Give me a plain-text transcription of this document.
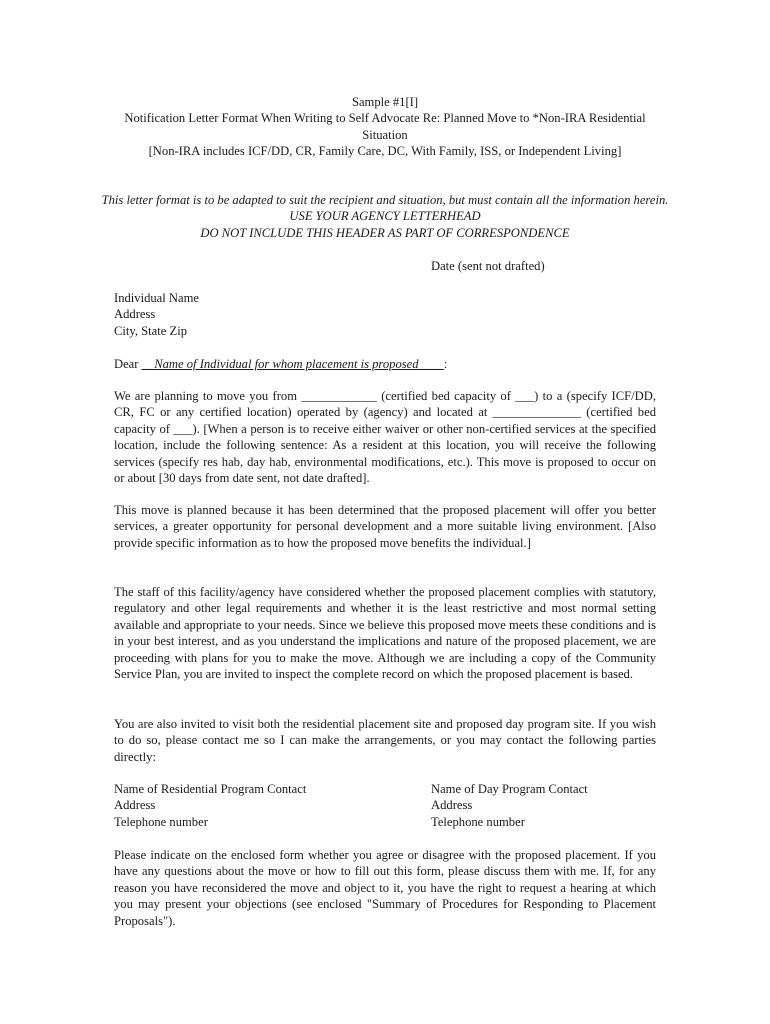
Sample #1[I]
Notification Letter Format When Writing to Self Advocate Re: Planned Move to *Non-IRA Residential
Situation
[Non-IRA includes ICF/DD, CR, Family Care, DC, With Family, ISS, or Independent Living]
This letter format is to be adapted to suit the recipient and situation, but must contain all the information herein.
USE YOUR AGENCY LETTERHEAD
DO NOT INCLUDE THIS HEADER AS PART OF CORRESPONDENCE
Date (sent not drafted)
Individual Name
Address
City, State Zip
Dear __Name of Individual for whom placement is proposed____:
We are planning to move you from ____________ (certified bed capacity of ___) to a (specify ICF/DD, CR, FC or any certified location) operated by (agency) and located at ______________ (certified bed capacity of ___). [When a person is to receive either waiver or other non-certified services at the specified location, include the following sentence: As a resident at this location, you will receive the following services (specify res hab, day hab, environmental modifications, etc.). This move is proposed to occur on or about [30 days from date sent, not date drafted].
This move is planned because it has been determined that the proposed placement will offer you better services, a greater opportunity for personal development and a more suitable living environment. [Also provide specific information as to how the proposed move benefits the individual.]
The staff of this facility/agency have considered whether the proposed placement complies with statutory, regulatory and other legal requirements and whether it is the least restrictive and most normal setting available and appropriate to your needs. Since we believe this proposed move meets these conditions and is in your best interest, and as you understand the implications and nature of the proposed placement, we are proceeding with plans for you to make the move. Although we are including a copy of the Community Service Plan, you are invited to inspect the complete record on which the proposed placement is based.
You are also invited to visit both the residential placement site and proposed day program site. If you wish to do so, please contact me so I can make the arrangements, or you may contact the following parties directly:
Name of Residential Program Contact
Address
Telephone number
Name of Day Program Contact
Address
Telephone number
Please indicate on the enclosed form whether you agree or disagree with the proposed placement. If you have any questions about the move or how to fill out this form, please discuss them with me. If, for any reason you have reconsidered the move and object to it, you have the right to request a hearing at which you may present your objections (see enclosed "Summary of Procedures for Responding to Placement Proposals").
